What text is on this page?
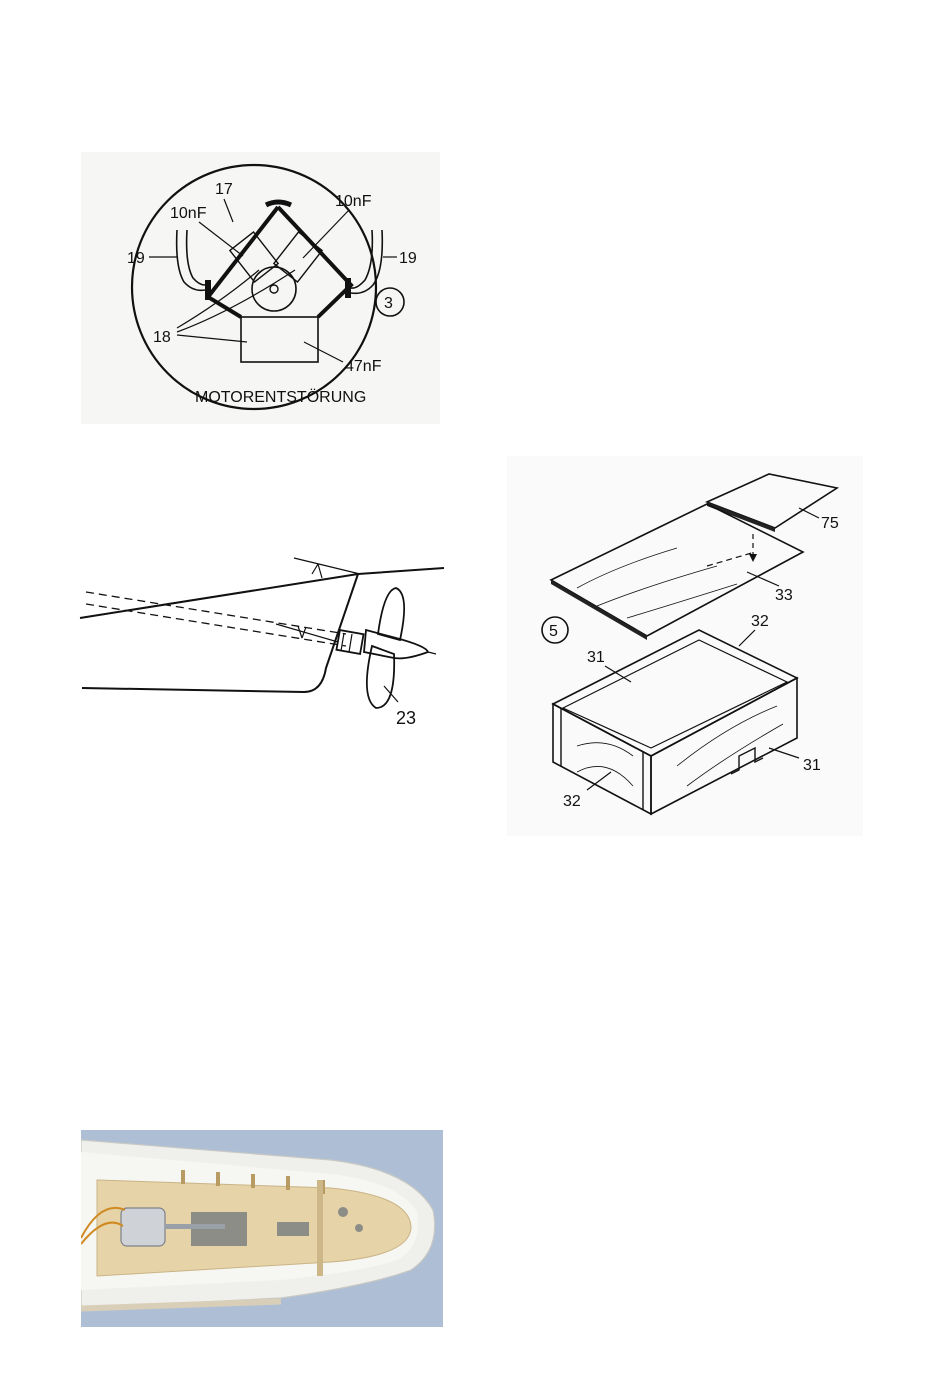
17
10nF
10nF
19	19
18
47nF
3
MOTORENTSTÖRUNG
23
5
75
33
32
31
31
32
